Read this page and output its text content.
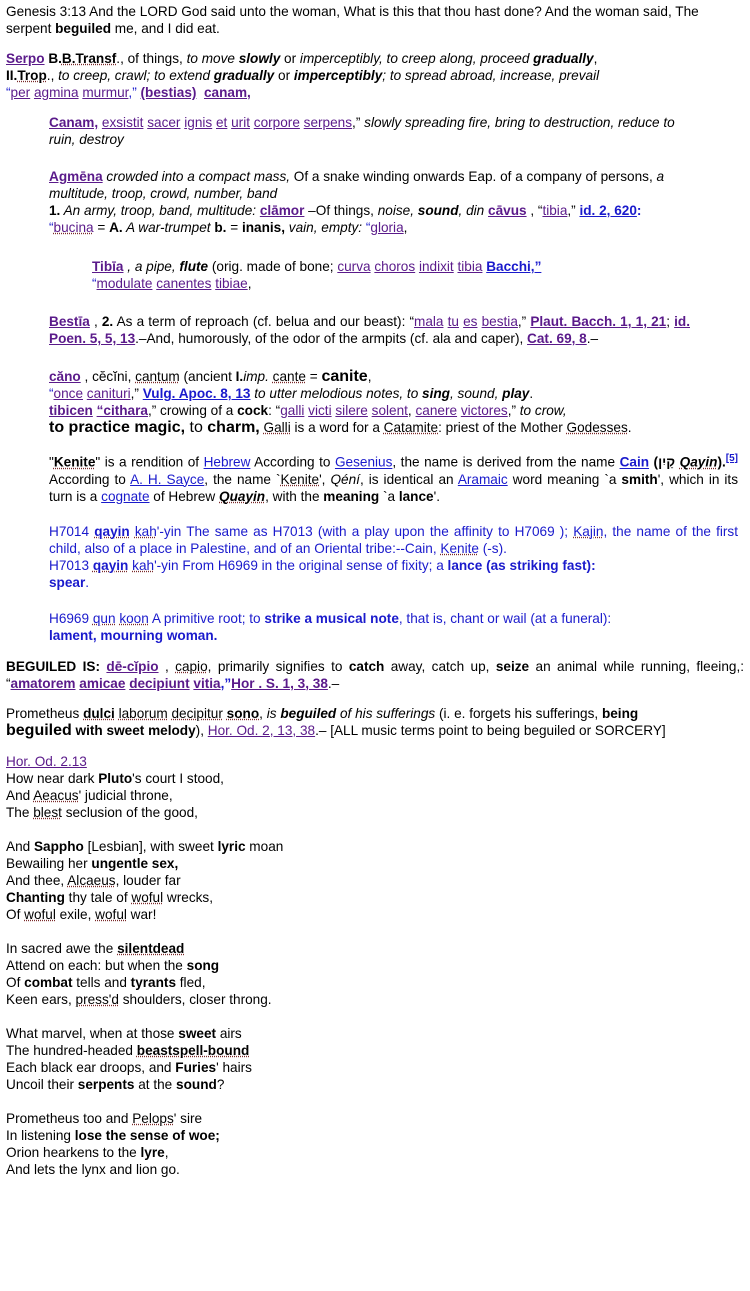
Genesis 3:13 And the LORD God said unto the woman, What is this that thou hast done? And the woman said, The serpent beguiled me, and I did eat.

Serpo B.B.Transf., of things, to move slowly or imperceptibly, to creep along, proceed gradually,
II.Trop., to creep, crawl; to extend gradually or imperceptibly; to spread abroad, increase, prevail
“per agmina murmur,” (bestias) canam,

Canam, exsistit sacer ignis et urit corpore serpens,” slowly spreading fire, bring to destruction, reduce to ruin, destroy

Agmēna crowded into a compact mass, Of a snake winding onwards Eap. of a company of persons, a multitude, troop, crowd, number, band
1. An army, troop, band, multitude: clāmor –Of things, noise, sound, din cāvus , “tibia,” id. 2, 620:
“bucina = A. A war-trumpet b. = inanis, vain, empty: “gloria,

Tibīa , a pipe, flute (orig. made of bone; curva choros indixit tibia Bacchi,”
“modulate canentes tibiae,

Bestīa , 2. As a term of reproach (cf. belua and our beast): “mala tu es bestia,” Plaut. Bacch. 1, 1, 21; id. Poen. 5, 5, 13.–And, humorously, of the odor of the armpits (cf. ala and caper), Cat. 69, 8.–

căno , cĕcĭni, cantum (ancient I.imp. cante = canite,
“once canituri,” Vulg. Apoc. 8, 13 to utter melodious notes, to sing, sound, play.
tibicen “cithara,” crowing of a cock: “galli victi silere solent, canere victores,” to crow,
to practice magic, to charm, Galli is a word for a Catamite: priest of the Mother Godesses.

"Kenite" is a rendition of Hebrew According to Gesenius, the name is derived from the name Cain (קַיִן Qayin).[5] According to A. H. Sayce, the name `Kenite', Qéní, is identical an Aramaic word meaning `a smith', which in its turn is a cognate of Hebrew Quayin, with the meaning `a lance'.

H7014 qayin kah'-yin The same as H7013 (with a play upon the affinity to H7069 ); Kajin, the name of the first child, also of a place in Palestine, and of an Oriental tribe:--Cain, Kenite (-s).
H7013 qayin kah'-yin From H6969 in the original sense of fixity; a lance (as striking fast):
spear.

H6969 qun koon A primitive root; to strike a musical note, that is, chant or wail (at a funeral):
lament, mourning woman.

BEGUILED IS: dē-cĭpio , capio, primarily signifies to catch away, catch up, seize an animal while running, fleeing,: “amatorem amicae decipiunt vitia,”Hor . S. 1, 3, 38.–

Prometheus dulci laborum decipitur sono, is beguiled of his sufferings (i. e. forgets his sufferings, being
beguiled with sweet melody), Hor. Od. 2, 13, 38.– [ALL music terms point to being beguiled or SORCERY]

Hor. Od. 2.13

How near dark Pluto's court I stood,

And Aeacus' judicial throne,

The blest seclusion of the good,

And Sappho [Lesbian], with sweet lyric moan

Bewailing her ungentle sex,

And thee, Alcaeus, louder far

Chanting thy tale of woful wrecks,

Of woful exile, woful war!

In sacred awe the silentdead

Attend on each: but when the song

Of combat tells and tyrants fled,

Keen ears, press'd shoulders, closer throng.

What marvel, when at those sweet airs

The hundred-headed beastspell-bound

Each black ear droops, and Furies' hairs

Uncoil their serpents at the sound?

Prometheus too and Pelops' sire

In listening lose the sense of woe;

Orion hearkens to the lyre,

And lets the lynx and lion go.
